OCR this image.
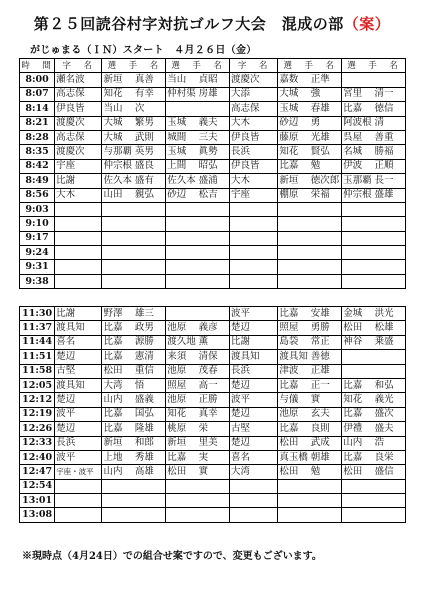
第２５回読谷村字対抗ゴルフ大会　混成の部（案）
がじゅまる（ＩＮ）スタート　４月２６日（金）
時　間	字　名	選　手　名		選　手　名		字　名	選　手　名		選　手　名	
8:00	瀬名波	新垣	真善	当山	貞昭	渡慶次	嘉数	正準		
8:07	高志保	知花	有幸	仲村渠	房雄	大添	大城	強	宮里	清一
8:14	伊良皆	当山	次			高志保	玉城	春雄	比嘉	徳信
8:21	渡慶次	大城	繁男	玉城	義夫	大木	砂辺	勇	阿波根	清
8:28	高志保	大城	武則	城間	三夫	伊良皆	藤原	光雄	呉屋	善重
8:35	渡慶次	与那覇	英男	玉城	眞勢	長浜	知花	賢弘	名城	勝福
8:42	宇座	仲宗根	盛良	上間	昭弘	伊良皆	比嘉	勉	伊波	正順
8:49	比謝	佐久本	盛有	佐久本	盛浦	大木	新垣	徳次郎	玉那覇	長一
8:56	大木	山田	親弘	砂辺	松吉	宇座	棚原	栄福	仲宗根	盛雄
9:03										
9:10										
9:17										
9:24										
9:31										
9:38										
11:30	比謝	野澤	雄三			波平	比嘉	安雄	金城	洪光
11:37	渡具知	比嘉	政男	池原	義彦	楚辺	照屋	勇勝	松田	松雄
11:44	喜名	比嘉	源勝	渡久地	薫	比謝	島袋	常正	神谷	乗盛
11:51	楚辺	比嘉	憲清	来須	清保	渡具知	渡具知	善徳		
11:58	古堅	松田	重信	池原	茂春	長浜	津波	正雄		
12:05	渡具知	大湾	悟	照屋	高一	楚辺	比嘉	正一	比嘉	和弘
12:12	楚辺	山内	盛義	池原	正勝	波平	与儀	實	知花	義光
12:19	波平	比嘉	国弘	知花	真幸	楚辺	池原	玄夫	比嘉	盛次
12:26	楚辺	比嘉	隆雄	桃原	栄	古堅	比嘉	良則	伊禮	盛夫
12:33	長浜	新垣	和郎	新垣	里美	楚辺	松田	武成	山内	浩
12:40	波平	上地	秀雄	比嘉	実	喜名	真玉橋	朝雄	比嘉	良栄
12:47	宇座・波平	山内	高雄	松田	實	大湾	松田	勉	松田	盛信
12:54										
13:01										
13:08										
※現時点（4月24日）での組合せ案ですので、変更もございます。
